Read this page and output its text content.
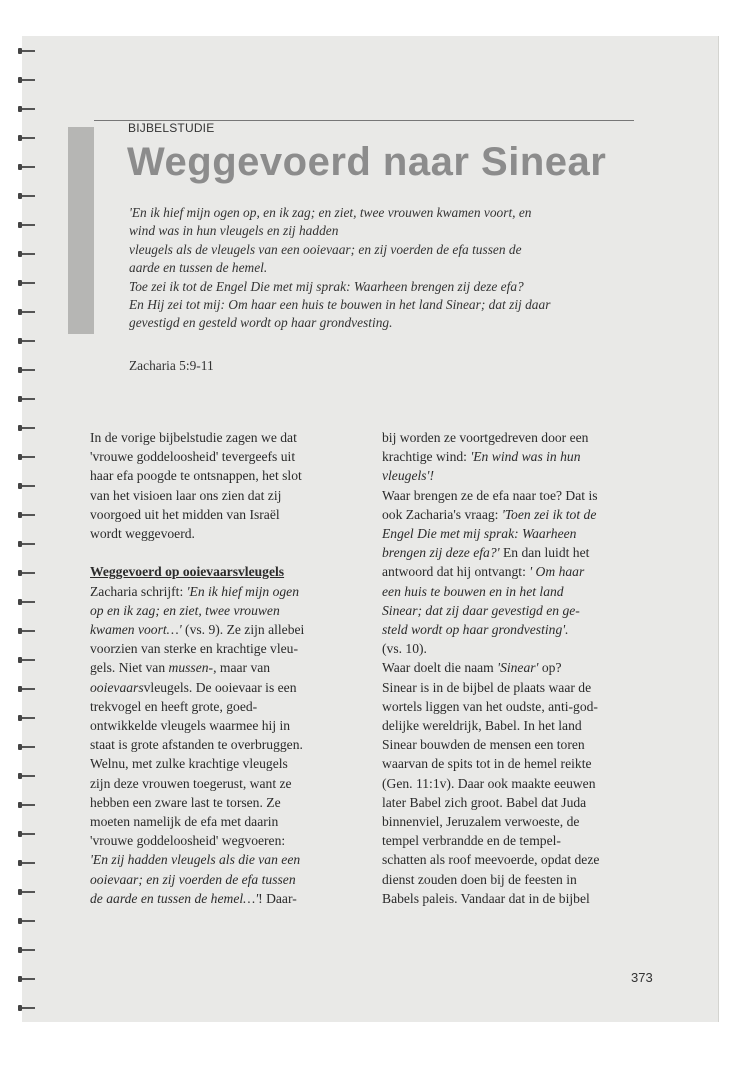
BIJBELSTUDIE
Weggevoerd naar Sinear
'En ik hief mijn ogen op, en ik zag; en ziet, twee vrouwen kwamen voort, en
wind was in hun vleugels en zij hadden
vleugels als de vleugels van een ooievaar; en zij voerden de efa tussen de
aarde en tussen de hemel.
Toe zei ik tot de Engel Die met mij sprak: Waarheen brengen zij deze efa?
En Hij zei tot mij: Om haar een huis te bouwen in het land Sinear; dat zij daar
gevestigd en gesteld wordt op haar grondvesting.
Zacharia 5:9-11
In de vorige bijbelstudie zagen we dat
'vrouwe goddeloosheid' tevergeefs uit
haar efa poogde te ontsnappen, het slot
van het visioen laar ons zien dat zij
voorgoed uit het midden van Israël
wordt weggevoerd.
Weggevoerd op ooievaarsvleugels
Zacharia schrijft: 'En ik hief mijn ogen
op en ik zag; en ziet, twee vrouwen
kwamen voort…' (vs. 9). Ze zijn allebei
voorzien van sterke en krachtige vleu-
gels. Niet van mussen-, maar van
ooievaarsvleugels. De ooievaar is een
trekvogel en heeft grote, goed-
ontwikkelde vleugels waarmee hij in
staat is grote afstanden te overbruggen.
Welnu, met zulke krachtige vleugels
zijn deze vrouwen toegerust, want ze
hebben een zware last te torsen. Ze
moeten namelijk de efa met daarin
'vrouwe goddeloosheid' wegvoeren:
'En zij hadden vleugels als die van een
ooievaar; en zij voerden de efa tussen
de aarde en tussen de hemel…'! Daar-
bij worden ze voortgedreven door een
krachtige wind: 'En wind was in hun
vleugels'!
Waar brengen ze de efa naar toe? Dat is
ook Zacharia's vraag: 'Toen zei ik tot de
Engel Die met mij sprak: Waarheen
brengen zij deze efa?' En dan luidt het
antwoord dat hij ontvangt: ' Om haar
een huis te bouwen en in het land
Sinear; dat zij daar gevestigd en ge-
steld wordt op haar grondvesting'.
(vs. 10).
Waar doelt die naam 'Sinear' op?
Sinear is in de bijbel de plaats waar de
wortels liggen van het oudste, anti-god-
delijke wereldrijk, Babel. In het land
Sinear bouwden de mensen een toren
waarvan de spits tot in de hemel reikte
(Gen. 11:1v). Daar ook maakte eeuwen
later Babel zich groot. Babel dat Juda
binnenviel, Jeruzalem verwoeste, de
tempel verbrandde en de tempel-
schatten als roof meevoerde, opdat deze
dienst zouden doen bij de feesten in
Babels paleis. Vandaar dat in de bijbel
373
